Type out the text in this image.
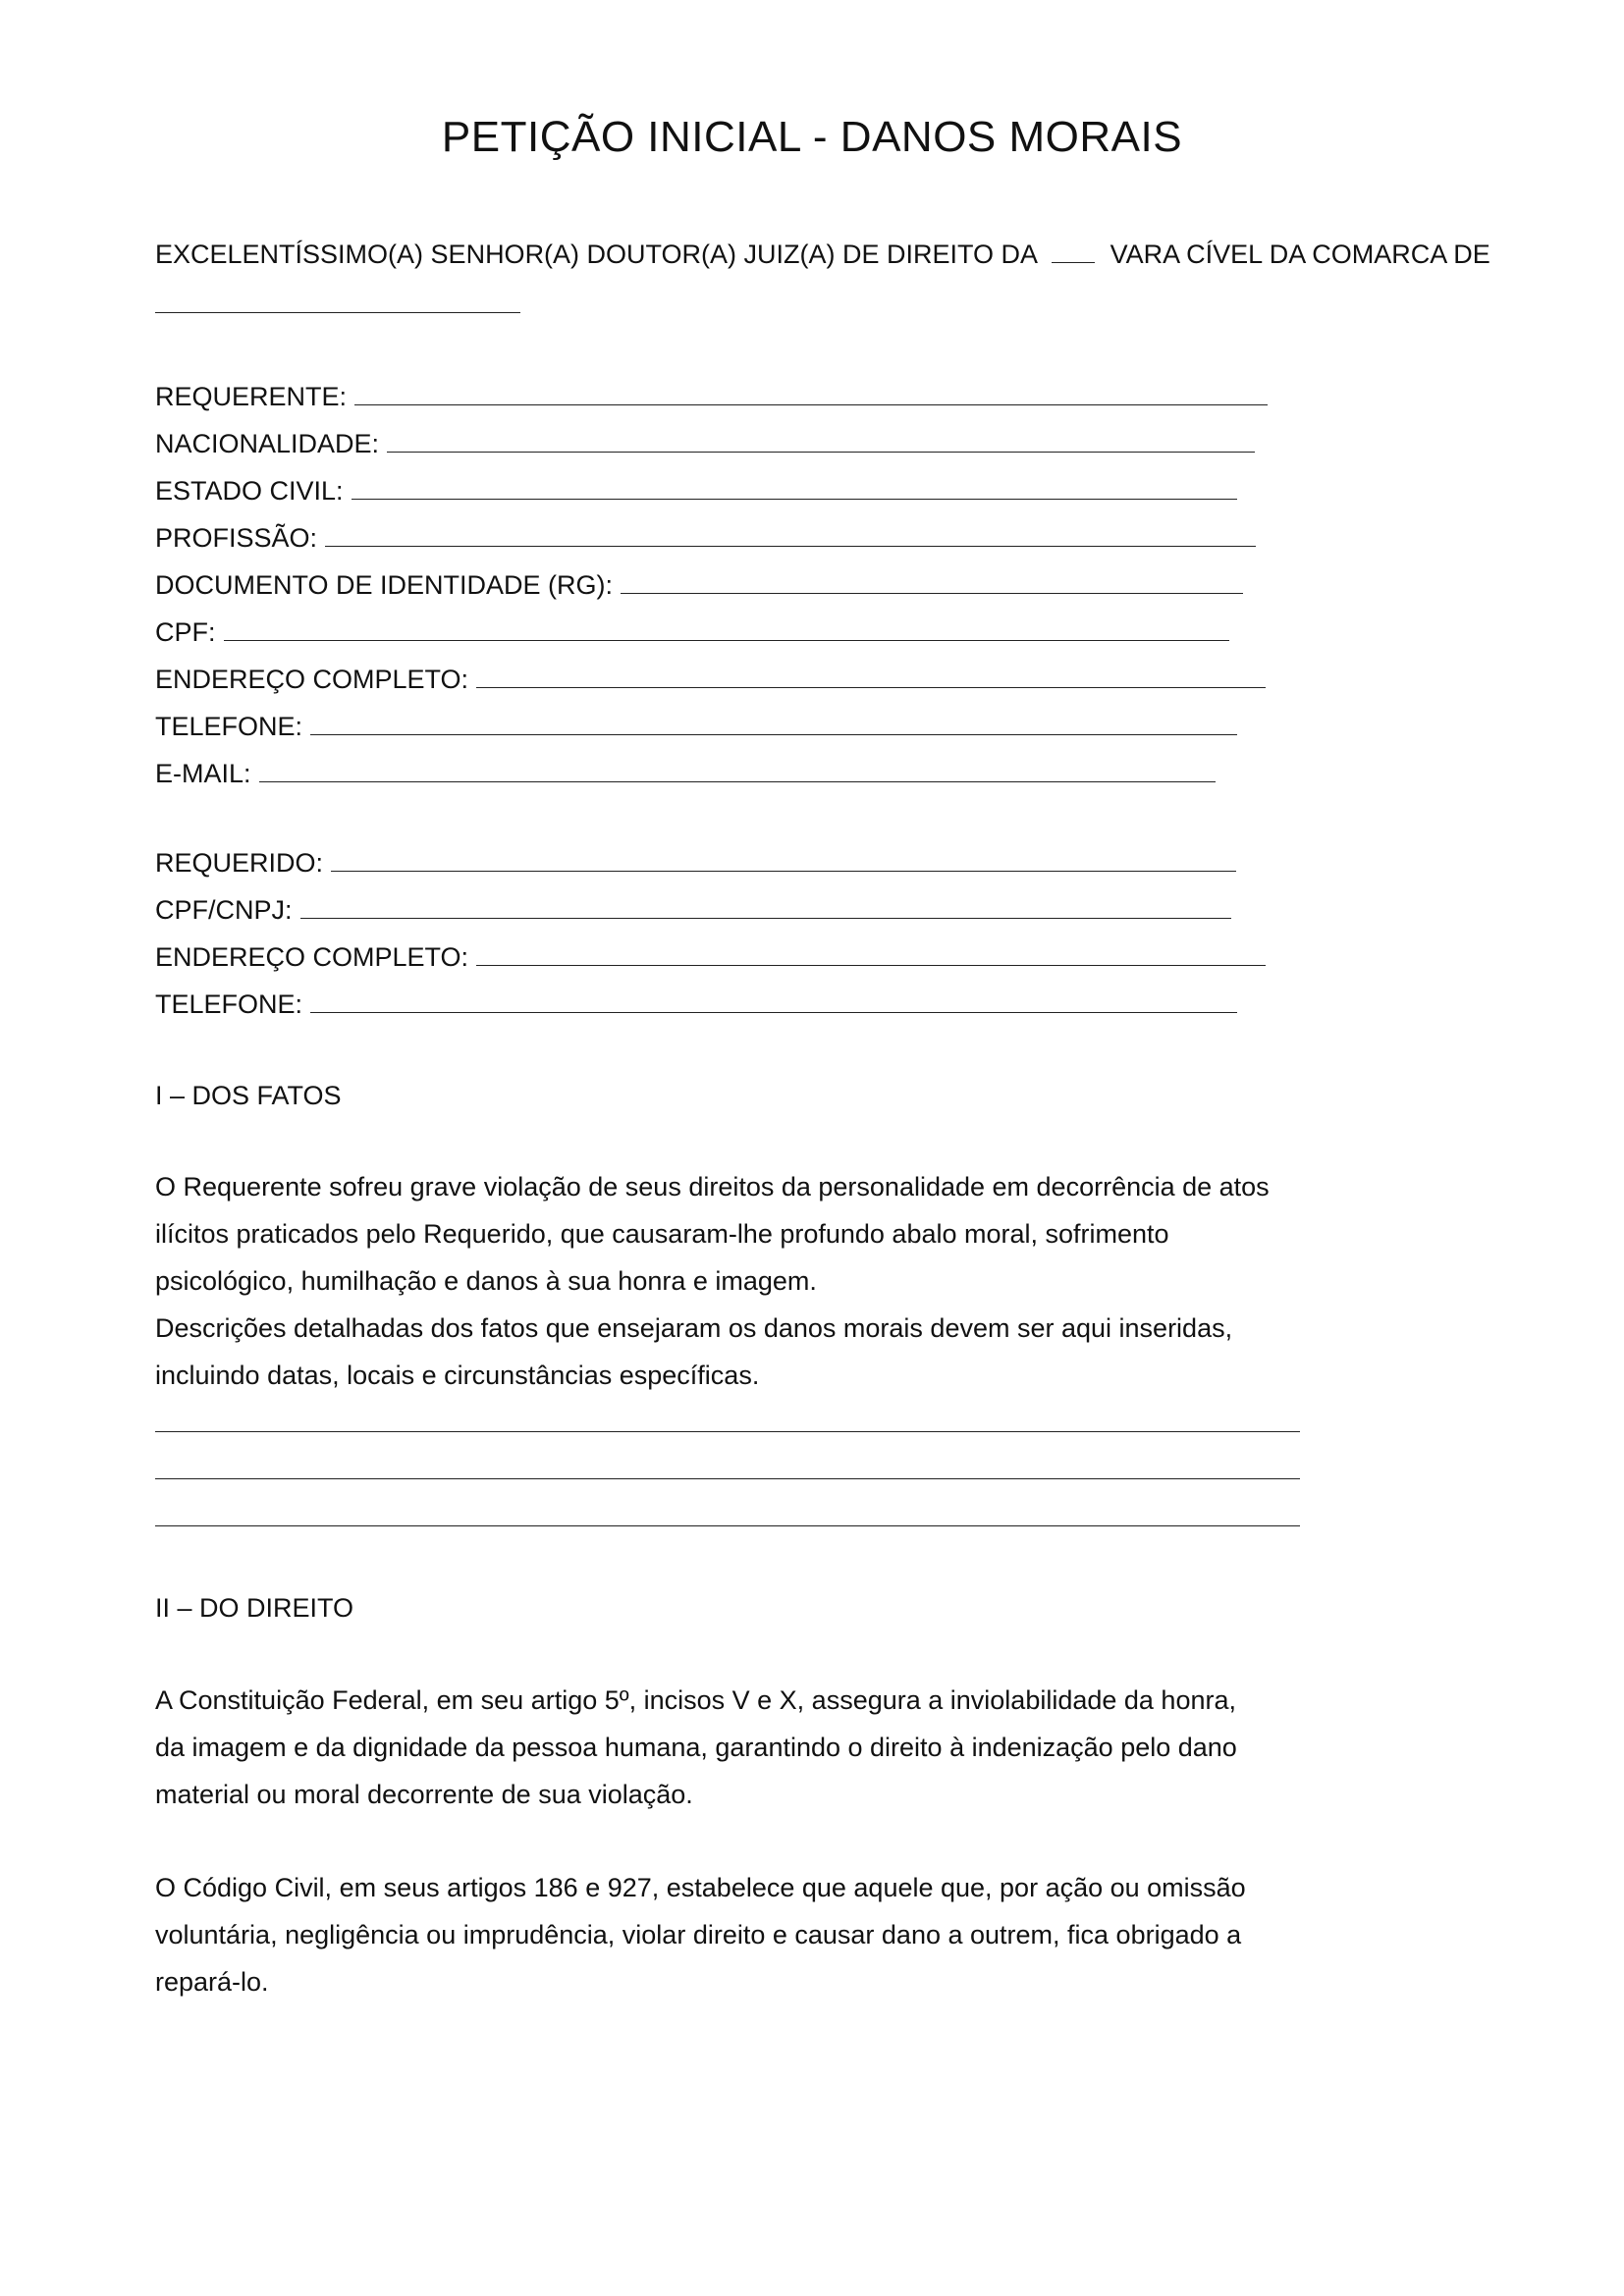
PETIÇÃO INICIAL - DANOS MORAIS
EXCELENTÍSSIMO(A) SENHOR(A) DOUTOR(A) JUIZ(A) DE DIREITO DA	VARA CÍVEL DA COMARCA DE
REQUERENTE:
NACIONALIDADE:
ESTADO CIVIL:
PROFISSÃO:
DOCUMENTO DE IDENTIDADE (RG):
CPF:
ENDEREÇO COMPLETO:
TELEFONE:
E-MAIL:
REQUERIDO:
CPF/CNPJ:
ENDEREÇO COMPLETO:
TELEFONE:
I – DOS FATOS
O Requerente sofreu grave violação de seus direitos da personalidade em decorrência de atos
ilícitos praticados pelo Requerido, que causaram-lhe profundo abalo moral, sofrimento
psicológico, humilhação e danos à sua honra e imagem.
Descrições detalhadas dos fatos que ensejaram os danos morais devem ser aqui inseridas,
incluindo datas, locais e circunstâncias específicas.
II – DO DIREITO
A Constituição Federal, em seu artigo 5º, incisos V e X, assegura a inviolabilidade da honra,
da imagem e da dignidade da pessoa humana, garantindo o direito à indenização pelo dano
material ou moral decorrente de sua violação.
O Código Civil, em seus artigos 186 e 927, estabelece que aquele que, por ação ou omissão
voluntária, negligência ou imprudência, violar direito e causar dano a outrem, fica obrigado a
repará-lo.
